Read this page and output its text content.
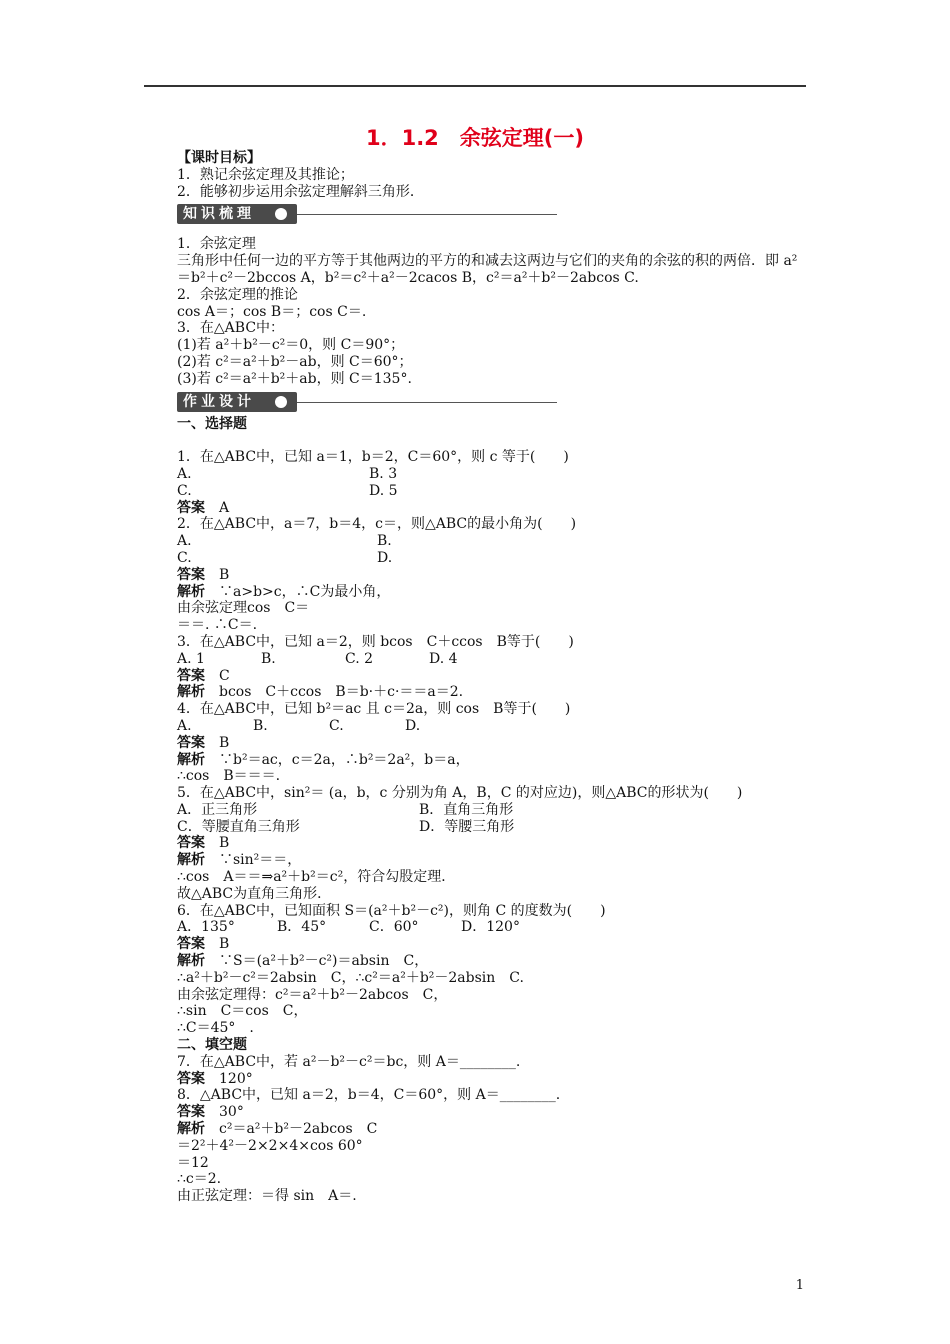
1．1.2　余弦定理(一)
【课时目标】
1．熟记余弦定理及其推论；
2．能够初步运用余弦定理解斜三角形．
知识梳理
1．余弦定理
三角形中任何一边的平方等于其他两边的平方的和减去这两边与它们的夹角的余弦的积的两倍．即 a²＝b²＋c²－2bccos A，b²＝c²＋a²－2cacos B，c²＝a²＋b²－2abcos C.
2．余弦定理的推论
cos A＝；cos B＝；cos C＝.
3．在△ABC中：
(1)若 a²＋b²－c²＝0，则 C＝90°；
(2)若 c²＝a²＋b²－ab，则 C＝60°；
(3)若 c²＝a²＋b²＋ab，则 C＝135°.
作业设计
一、选择题
1．在△ABC中，已知 a＝1，b＝2，C＝60°，则 c 等于(　　)
A.	B. 3
C.	D. 5
答案　 A
2．在△ABC中，a＝7，b＝4，c＝，则△ABC的最小角为(　　)
A.	B.
C.	D.
答案　 B
解析　 ∵a>b>c，∴C为最小角，
由余弦定理cos　C＝
＝＝. ∴C＝.
3．在△ABC中，已知 a＝2，则 bcos　C＋ccos　B等于(　　)
A. 1	B.	C. 2	D. 4
答案　 C
解析　 bcos　C＋ccos　B＝b·＋c·＝＝a＝2.
4．在△ABC中，已知 b²＝ac 且 c＝2a，则 cos　B等于(　　)
A.	B.	C.	D.
答案　 B
解析　 ∵b²＝ac，c＝2a，∴b²＝2a²，b＝a，
∴cos　B＝＝＝.
5．在△ABC中，sin²＝ (a，b，c 分别为角 A，B，C 的对应边)，则△ABC的形状为(　　)
A．正三角形	B．直角三角形
C．等腰直角三角形	D．等腰三角形
答案　 B
解析　 ∵sin²＝＝，
∴cos　A＝＝⇒a²＋b²＝c²，符合勾股定理．
故△ABC为直角三角形．
6．在△ABC中，已知面积 S＝(a²＋b²－c²)，则角 C 的度数为(　　)
A．135°	B．45°	C．60°	D．120°
答案　 B
解析　 ∵S＝(a²＋b²－c²)＝absin　C，
∴a²＋b²－c²＝2absin　C，∴c²＝a²＋b²－2absin　C.
由余弦定理得：c²＝a²＋b²－2abcos　C，
∴sin　C＝cos　C，
∴C＝45°　.
二、填空题
7．在△ABC中，若 a²－b²－c²＝bc，则 A＝________.
答案　 120°
8．△ABC中，已知 a＝2，b＝4，C＝60°，则 A＝________.
答案　 30°
解析　 c²＝a²＋b²－2abcos　C
＝2²＋4²－2×2×4×cos 60°
＝12
∴c＝2.
由正弦定理：＝得 sin　A＝.
1
